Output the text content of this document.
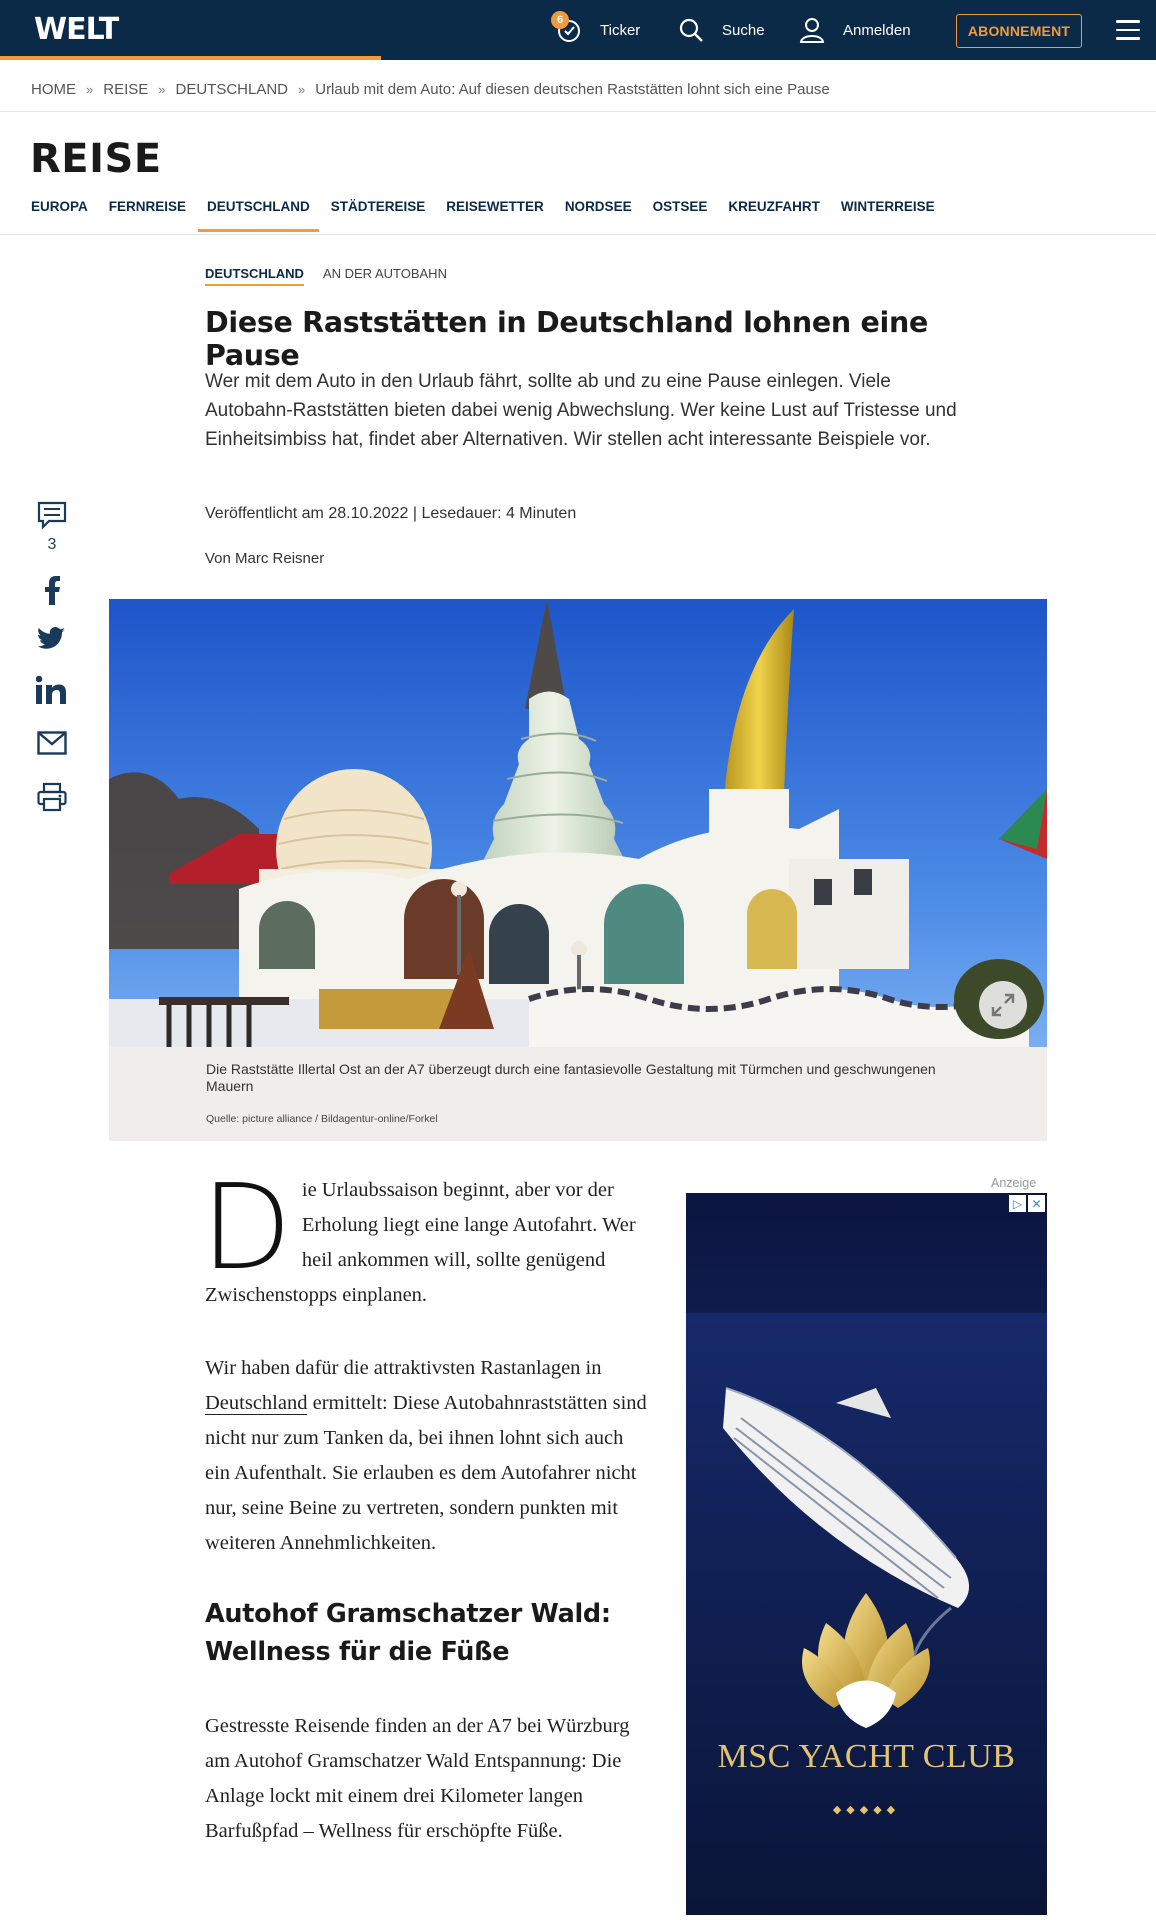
WELT	Ticker
6
Suche	Anmelden	ABONNEMENT
HOME » REISE » DEUTSCHLAND » Urlaub mit dem Auto: Auf diesen deutschen Raststätten lohnt sich eine Pause
REISE
EUROPA FERNREISE DEUTSCHLAND STÄDTEREISE REISEWETTER NORDSEE OSTSEE KREUZFAHRT WINTERREISE
DEUTSCHLAND AN DER AUTOBAHN
Diese Raststätten in Deutschland lohnen eine Pause

Wer mit dem Auto in den Urlaub fährt, sollte ab und zu eine Pause einlegen. Viele Autobahn-Raststätten bieten dabei wenig Abwechslung. Wer keine Lust auf Tristesse und Einheitsimbiss hat, findet aber Alternativen. Wir stellen acht interessante Beispiele vor.

Veröffentlicht am 28.10.2022 | Lesedauer: 4 Minuten
Von Marc Reisner
3
Die Raststätte Illertal Ost an der A7 überzeugt durch eine fantasievolle Gestaltung mit Türmchen und geschwungenen Mauern
Quelle: picture alliance / Bildagentur-online/Forkel
D ie Urlaubssaison beginnt, aber vor der Erholung liegt eine lange Autofahrt. Wer heil ankommen will, sollte genügend Zwischenstopps einplanen.
Wir haben dafür die attraktivsten Rastanlagen in Deutschland ermittelt: Diese Autobahnraststätten sind nicht nur zum Tanken da, bei ihnen lohnt sich auch ein Aufenthalt. Sie erlauben es dem Autofahrer nicht nur, seine Beine zu vertreten, sondern punkten mit weiteren Annehmlichkeiten.
Autohof Gramschatzer Wald: Wellness für die Füße
Gestresste Reisende finden an der A7 bei Würzburg am Autohof Gramschatzer Wald Entspannung: Die Anlage lockt mit einem drei Kilometer langen Barfußpfad – Wellness für erschöpfte Füße.
Anzeige
▷ ✕
MSC YACHT CLUB
◆◆◆◆◆
